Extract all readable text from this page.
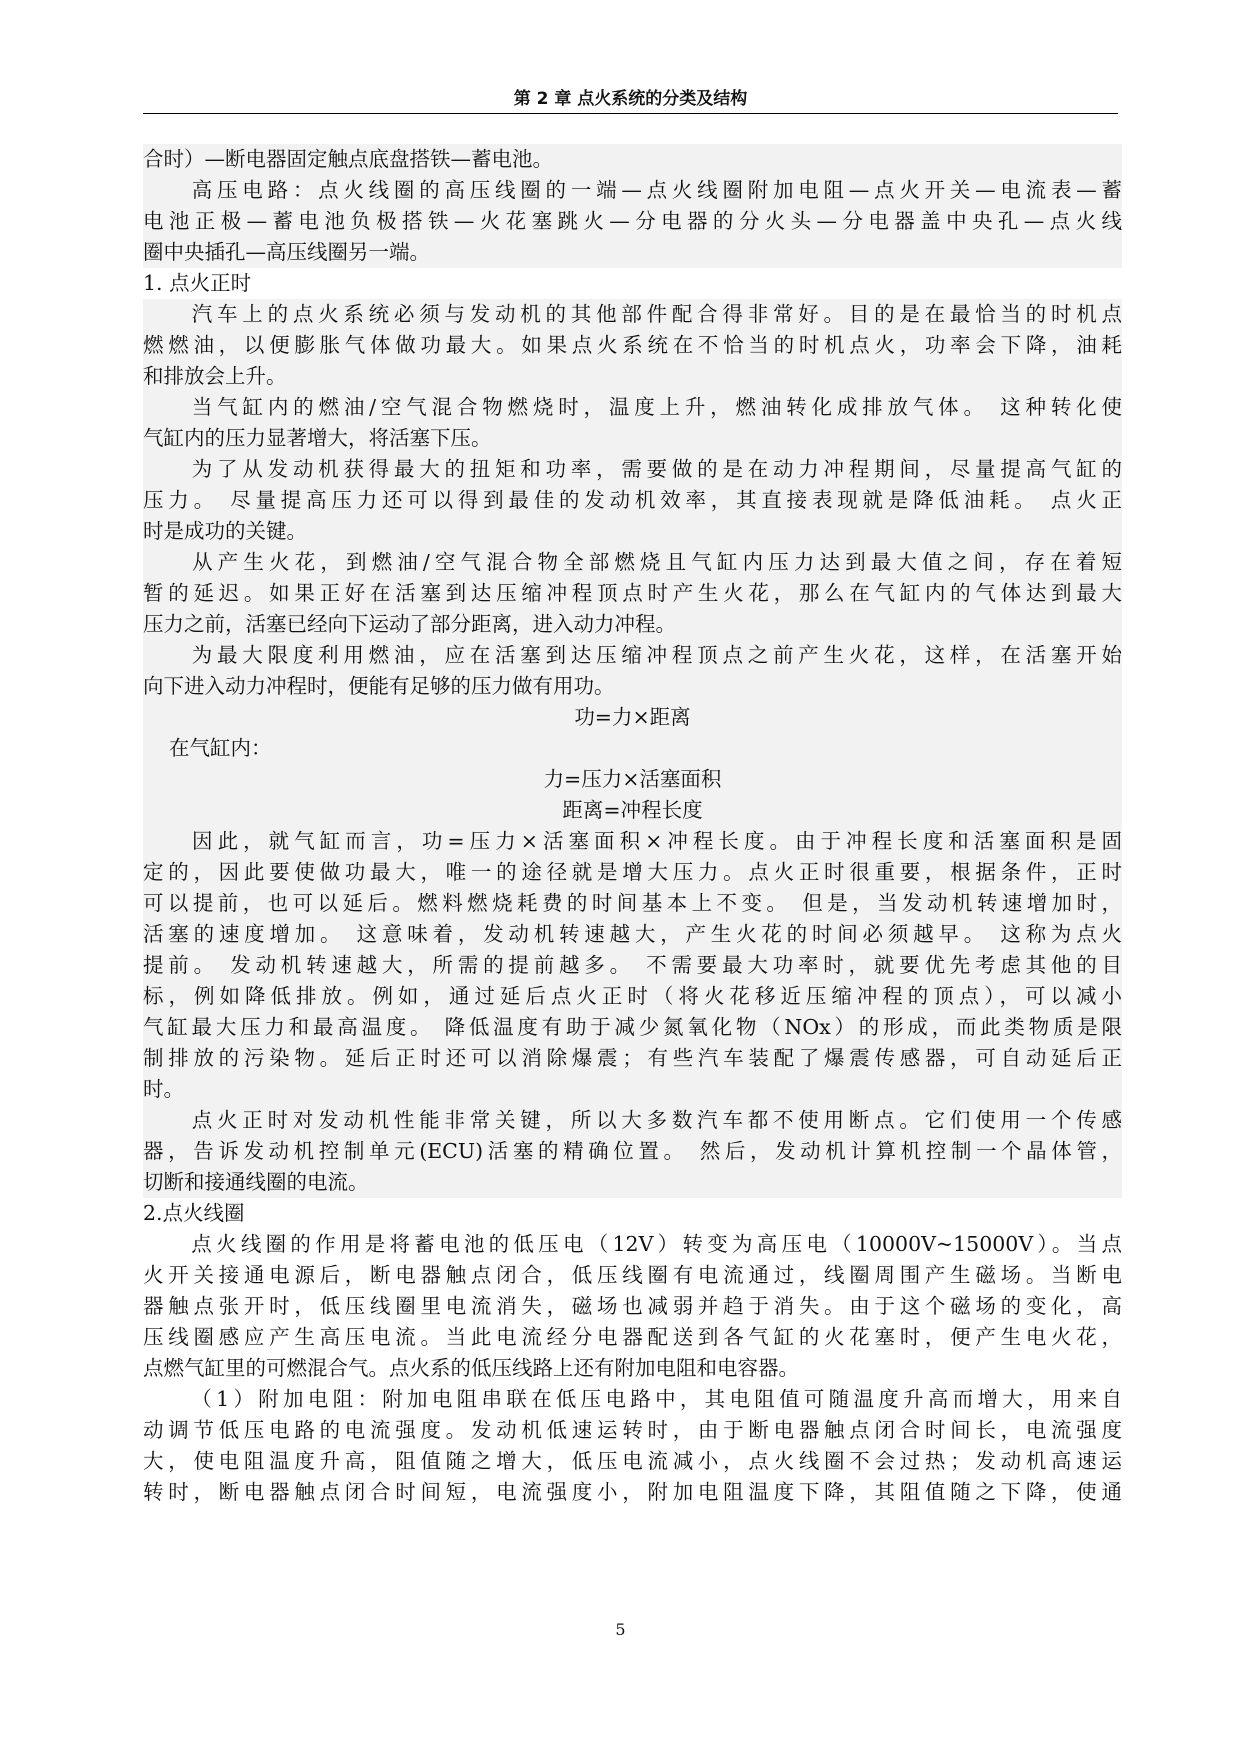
第 2 章 点火系统的分类及结构
合时）—断电器固定触点底盘搭铁—蓄电池。
高压电路：点火线圈的高压线圈的一端—点火线圈附加电阻—点火开关—电流表—蓄
电池正极—蓄电池负极搭铁—火花塞跳火—分电器的分火头—分电器盖中央孔—点火线
圈中央插孔—高压线圈另一端。
1. 点火正时
汽车上的点火系统必须与发动机的其他部件配合得非常好。目的是在最恰当的时机点
燃燃油，以便膨胀气体做功最大。如果点火系统在不恰当的时机点火，功率会下降，油耗
和排放会上升。
当气缸内的燃油/空气混合物燃烧时，温度上升，燃油转化成排放气体。 这种转化使
气缸内的压力显著增大，将活塞下压。
为了从发动机获得最大的扭矩和功率，需要做的是在动力冲程期间，尽量提高气缸的
压力。 尽量提高压力还可以得到最佳的发动机效率，其直接表现就是降低油耗。 点火正
时是成功的关键。
从产生火花，到燃油/空气混合物全部燃烧且气缸内压力达到最大值之间，存在着短
暂的延迟。如果正好在活塞到达压缩冲程顶点时产生火花，那么在气缸内的气体达到最大
压力之前，活塞已经向下运动了部分距离，进入动力冲程。
为最大限度利用燃油，应在活塞到达压缩冲程顶点之前产生火花，这样，在活塞开始
向下进入动力冲程时，便能有足够的压力做有用功。
功=力×距离
在气缸内：
力=压力×活塞面积
距离=冲程长度
因此，就气缸而言，功=压力×活塞面积×冲程长度。由于冲程长度和活塞面积是固
定的，因此要使做功最大，唯一的途径就是增大压力。点火正时很重要，根据条件，正时
可以提前，也可以延后。燃料燃烧耗费的时间基本上不变。 但是，当发动机转速增加时，
活塞的速度增加。 这意味着，发动机转速越大，产生火花的时间必须越早。 这称为点火
提前。 发动机转速越大，所需的提前越多。 不需要最大功率时，就要优先考虑其他的目
标，例如降低排放。例如，通过延后点火正时（将火花移近压缩冲程的顶点），可以减小
气缸最大压力和最高温度。 降低温度有助于减少氮氧化物（NOx）的形成，而此类物质是限
制排放的污染物。延后正时还可以消除爆震；有些汽车装配了爆震传感器，可自动延后正
时。
点火正时对发动机性能非常关键，所以大多数汽车都不使用断点。它们使用一个传感
器，告诉发动机控制单元(ECU)活塞的精确位置。 然后，发动机计算机控制一个晶体管，
切断和接通线圈的电流。
2.点火线圈
点火线圈的作用是将蓄电池的低压电（12V）转变为高压电（10000V~15000V）。当点
火开关接通电源后，断电器触点闭合，低压线圈有电流通过，线圈周围产生磁场。当断电
器触点张开时，低压线圈里电流消失，磁场也减弱并趋于消失。由于这个磁场的变化，高
压线圈感应产生高压电流。当此电流经分电器配送到各气缸的火花塞时，便产生电火花，
点燃气缸里的可燃混合气。点火系的低压线路上还有附加电阻和电容器。
（1）附加电阻：附加电阻串联在低压电路中，其电阻值可随温度升高而增大，用来自
动调节低压电路的电流强度。发动机低速运转时，由于断电器触点闭合时间长，电流强度
大，使电阻温度升高，阻值随之增大，低压电流减小，点火线圈不会过热；发动机高速运
转时，断电器触点闭合时间短，电流强度小，附加电阻温度下降，其阻值随之下降，使通
5
